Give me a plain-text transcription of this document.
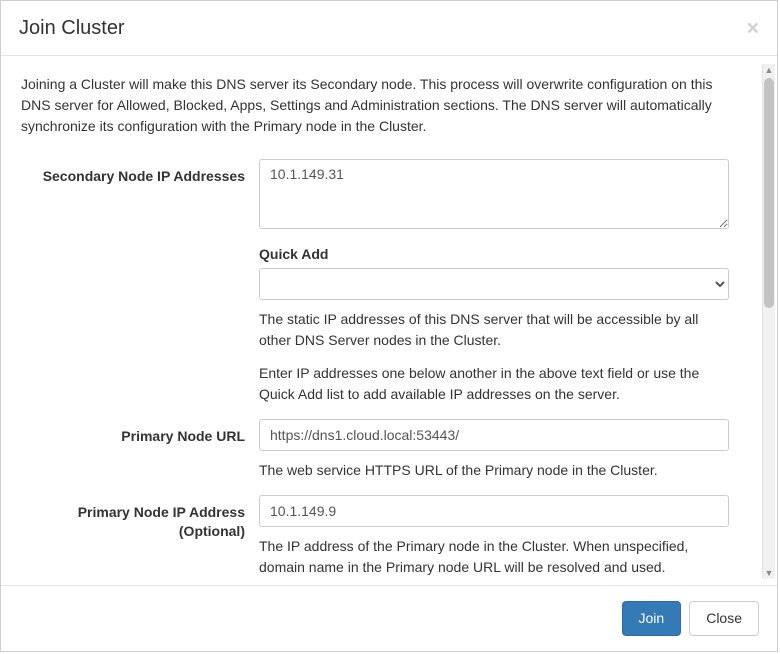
Join Cluster	×

Joining a Cluster will make this DNS server its Secondary node. This process will overwrite configuration on this DNS server for Allowed, Blocked, Apps, Settings and Administration sections. The DNS server will automatically synchronize its configuration with the Primary node in the Cluster.

Secondary Node IP Addresses
10.1.149.31
Quick Add

The static IP addresses of this DNS server that will be accessible by all other DNS Server nodes in the Cluster.

Enter IP addresses one below another in the above text field or use the Quick Add list to add available IP addresses on the server.

Primary Node URL
https://dns1.cloud.local:53443/

The web service HTTPS URL of the Primary node in the Cluster.

Primary Node IP Address
(Optional)
10.1.149.9

The IP address of the Primary node in the Cluster. When unspecified, domain name in the Primary node URL will be resolved and used.

▲
▼
Join	Close
